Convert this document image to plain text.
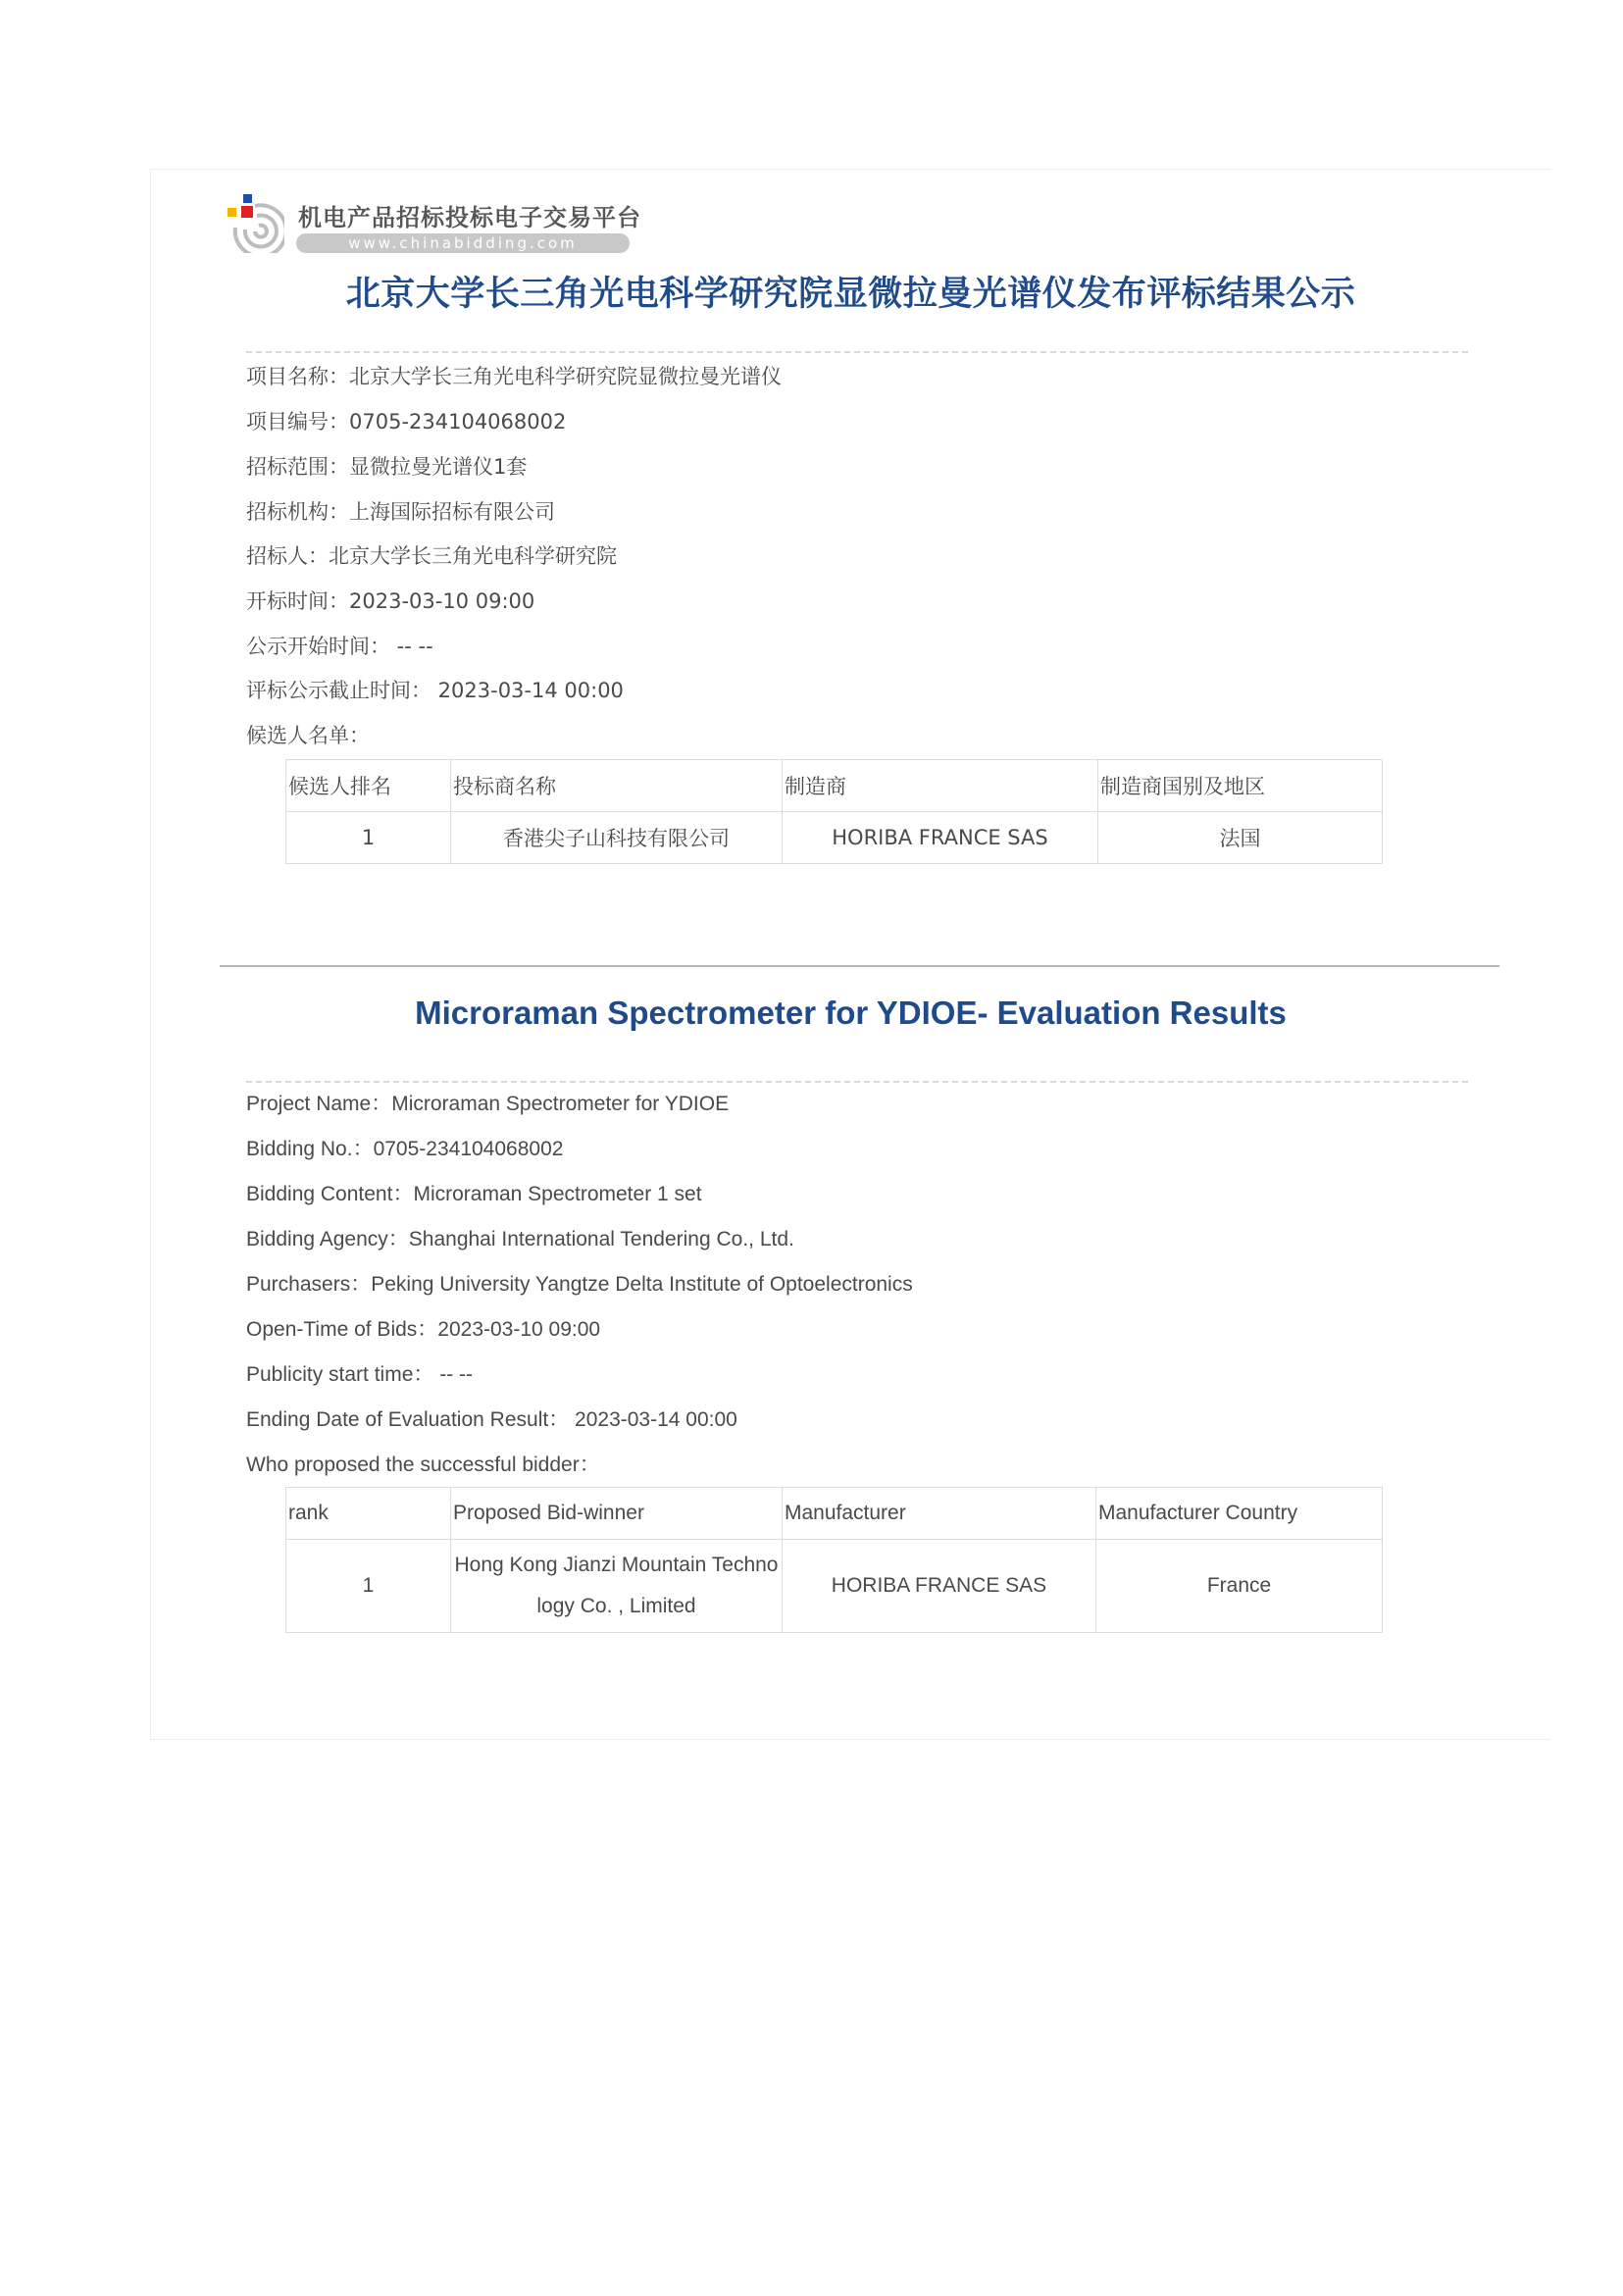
机电产品招标投标电子交易平台
www.chinabidding.com
北京大学长三角光电科学研究院显微拉曼光谱仪发布评标结果公示
项目名称：北京大学长三角光电科学研究院显微拉曼光谱仪
项目编号：0705-234104068002
招标范围：显微拉曼光谱仪1套
招标机构：上海国际招标有限公司
招标人：北京大学长三角光电科学研究院
开标时间：2023-03-10 09:00
公示开始时间： -- --
评标公示截止时间： 2023-03-14 00:00
候选人名单：
候选人排名	投标商名称	制造商	制造商国别及地区
1	香港尖子山科技有限公司	HORIBA FRANCE SAS	法国
Microraman Spectrometer for YDIOE- Evaluation Results
Project Name：Microraman Spectrometer for YDIOE
Bidding No.：0705-234104068002
Bidding Content：Microraman Spectrometer 1 set
Bidding Agency：Shanghai International Tendering Co., Ltd.
Purchasers：Peking University Yangtze Delta Institute of Optoelectronics
Open-Time of Bids：2023-03-10 09:00
Publicity start time： -- --
Ending Date of Evaluation Result： 2023-03-14 00:00
Who proposed the successful bidder：
rank	Proposed Bid-winner	Manufacturer	Manufacturer Country
1	Hong Kong Jianzi Mountain Technology Co. , Limited	HORIBA FRANCE SAS	France
